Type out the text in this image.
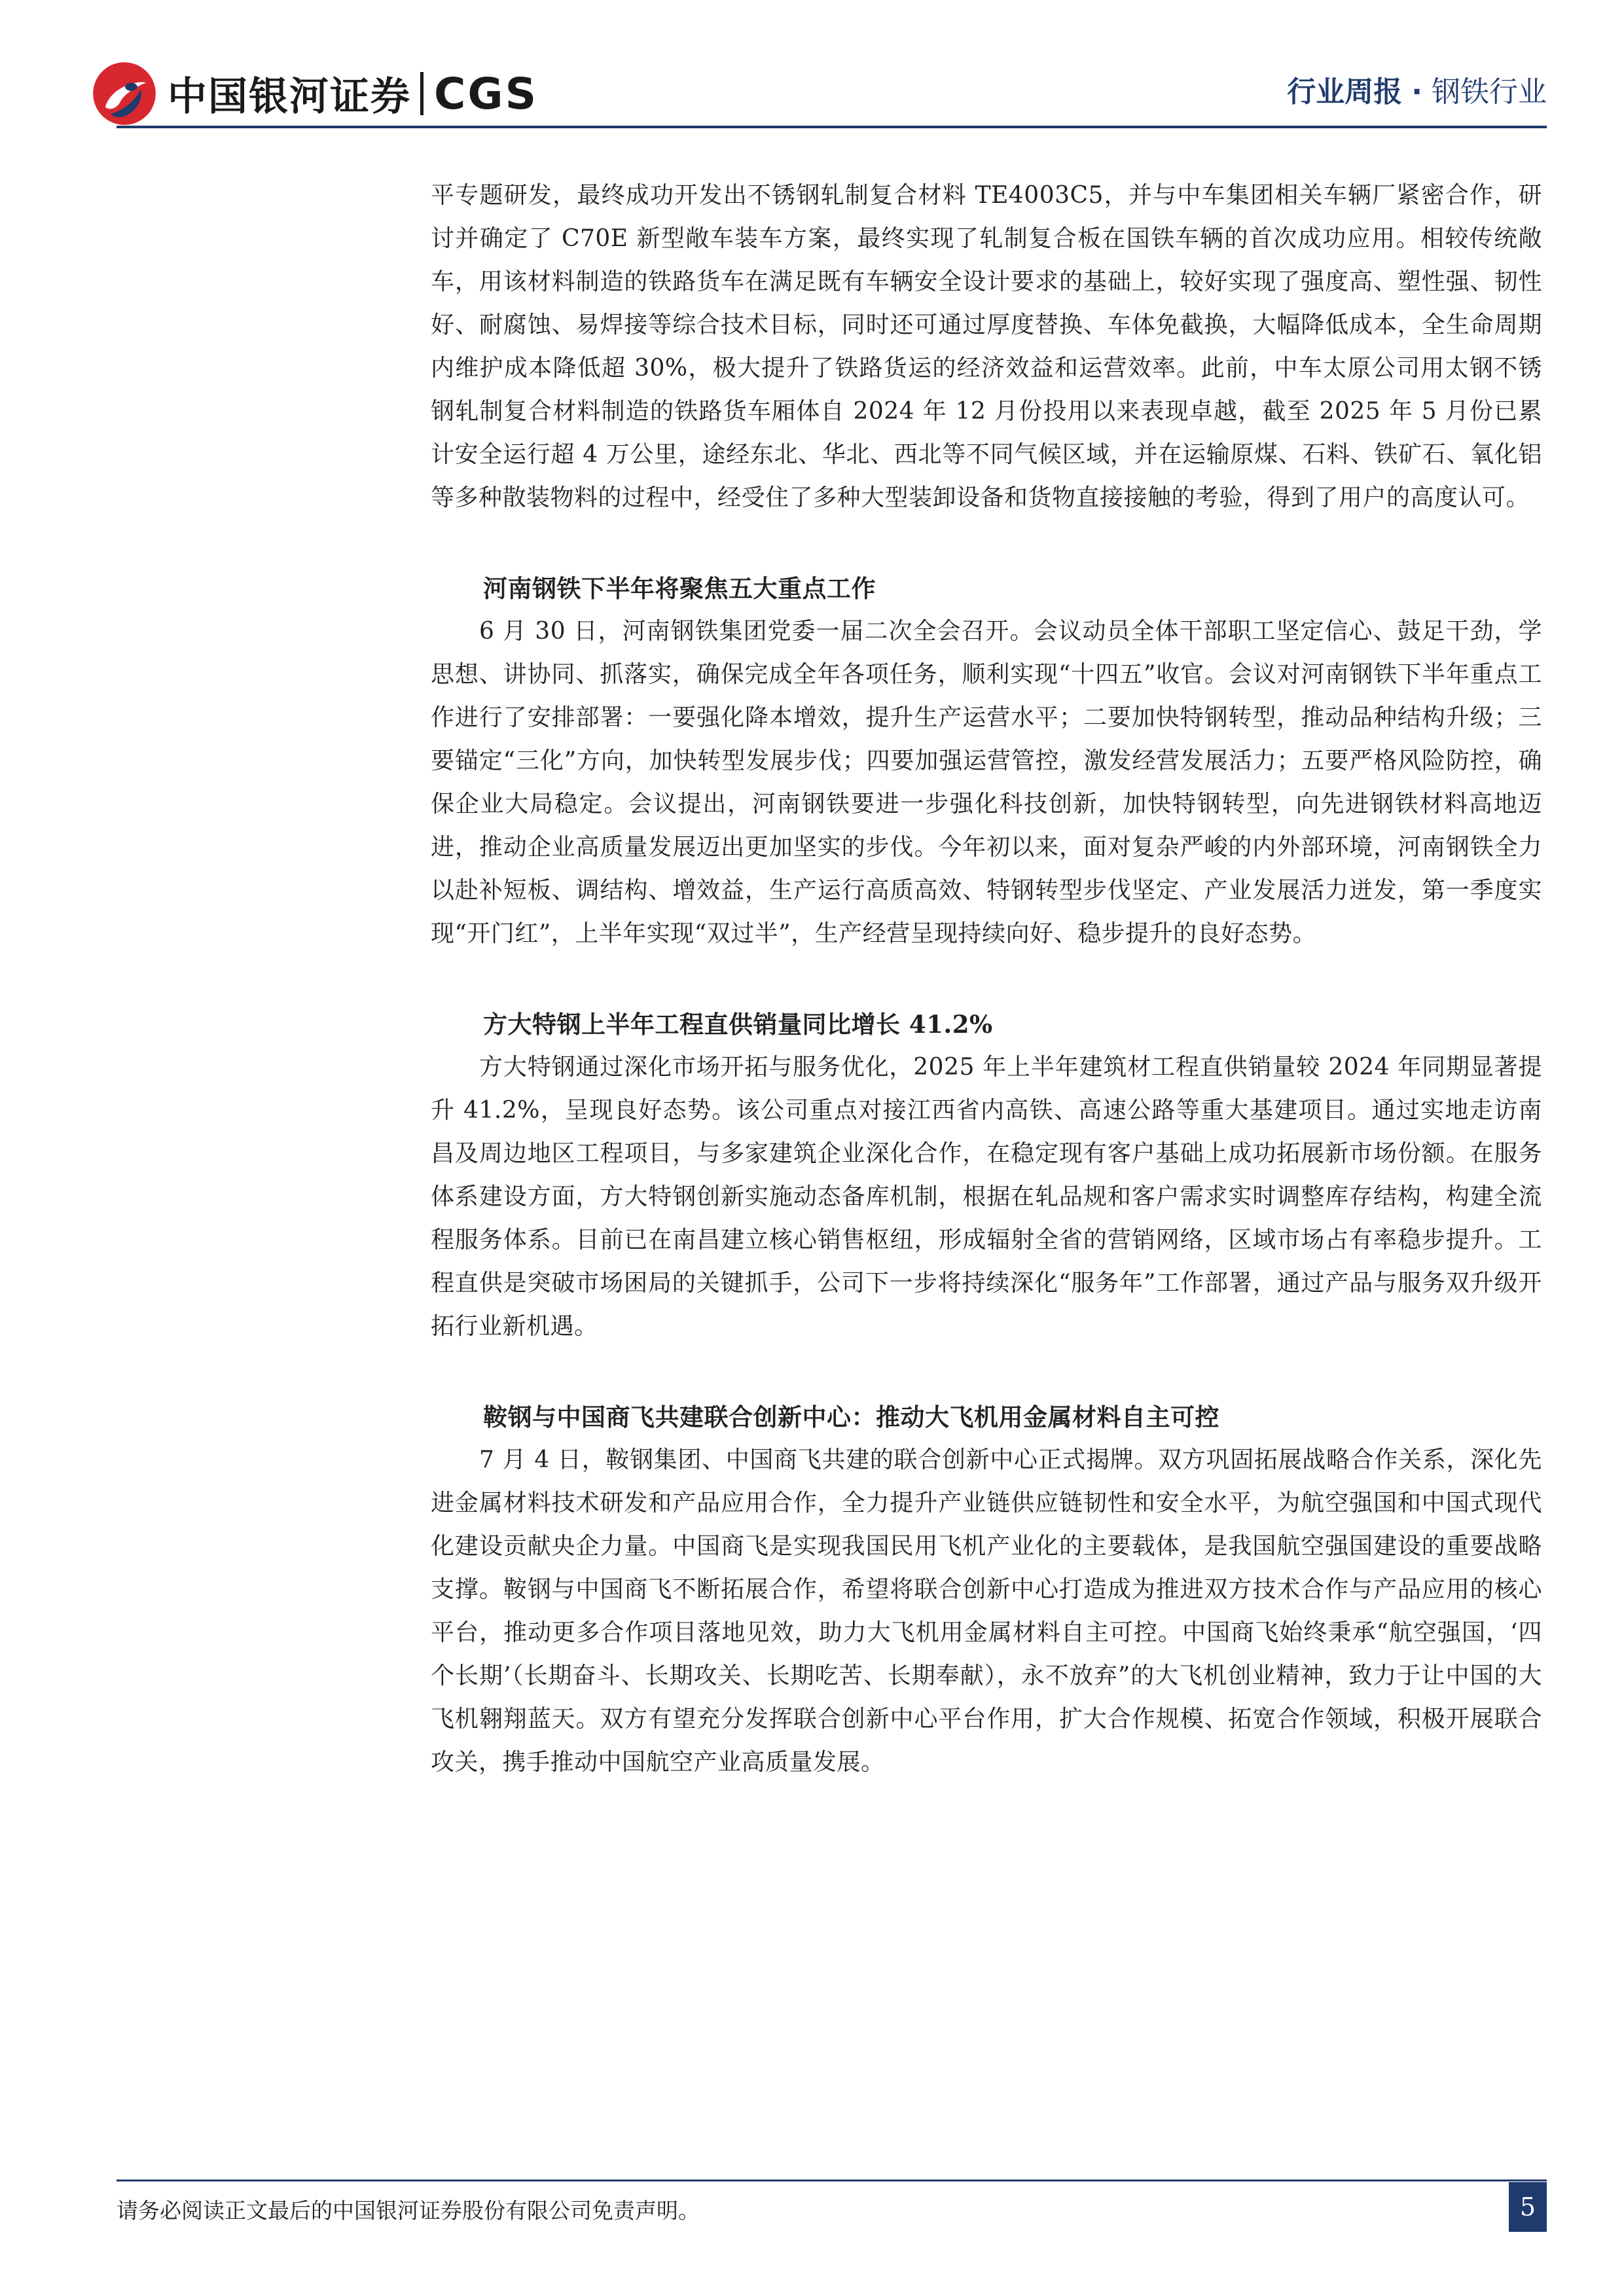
中国银河证券 CGS	行业周报 · 钢铁行业

平专题研发，最终成功开发出不锈钢轧制复合材料 TE4003C5，并与中车集团相关车辆厂紧密合作，研讨并确定了 C70E 新型敞车装车方案，最终实现了轧制复合板在国铁车辆的首次成功应用。相较传统敞车，用该材料制造的铁路货车在满足既有车辆安全设计要求的基础上，较好实现了强度高、塑性强、韧性好、耐腐蚀、易焊接等综合技术目标，同时还可通过厚度替换、车体免截换，大幅降低成本，全生命周期内维护成本降低超 30%，极大提升了铁路货运的经济效益和运营效率。此前，中车太原公司用太钢不锈钢轧制复合材料制造的铁路货车厢体自 2024 年 12 月份投用以来表现卓越，截至 2025 年 5 月份已累计安全运行超 4 万公里，途经东北、华北、西北等不同气候区域，并在运输原煤、石料、铁矿石、氧化铝等多种散装物料的过程中，经受住了多种大型装卸设备和货物直接接触的考验，得到了用户的高度认可。

河南钢铁下半年将聚焦五大重点工作

6 月 30 日，河南钢铁集团党委一届二次全会召开。会议动员全体干部职工坚定信心、鼓足干劲，学思想、讲协同、抓落实，确保完成全年各项任务，顺利实现“十四五”收官。会议对河南钢铁下半年重点工作进行了安排部署：一要强化降本增效，提升生产运营水平；二要加快特钢转型，推动品种结构升级；三要锚定“三化”方向，加快转型发展步伐；四要加强运营管控，激发经营发展活力；五要严格风险防控，确保企业大局稳定。会议提出，河南钢铁要进一步强化科技创新，加快特钢转型，向先进钢铁材料高地迈进，推动企业高质量发展迈出更加坚实的步伐。今年初以来，面对复杂严峻的内外部环境，河南钢铁全力以赴补短板、调结构、增效益，生产运行高质高效、特钢转型步伐坚定、产业发展活力迸发，第一季度实现“开门红”，上半年实现“双过半”，生产经营呈现持续向好、稳步提升的良好态势。

方大特钢上半年工程直供销量同比增长 41.2%

方大特钢通过深化市场开拓与服务优化，2025 年上半年建筑材工程直供销量较 2024 年同期显著提升 41.2%，呈现良好态势。该公司重点对接江西省内高铁、高速公路等重大基建项目。通过实地走访南昌及周边地区工程项目，与多家建筑企业深化合作，在稳定现有客户基础上成功拓展新市场份额。在服务体系建设方面，方大特钢创新实施动态备库机制，根据在轧品规和客户需求实时调整库存结构，构建全流程服务体系。目前已在南昌建立核心销售枢纽，形成辐射全省的营销网络，区域市场占有率稳步提升。工程直供是突破市场困局的关键抓手，公司下一步将持续深化“服务年”工作部署，通过产品与服务双升级开拓行业新机遇。

鞍钢与中国商飞共建联合创新中心：推动大飞机用金属材料自主可控

7 月 4 日，鞍钢集团、中国商飞共建的联合创新中心正式揭牌。双方巩固拓展战略合作关系，深化先进金属材料技术研发和产品应用合作，全力提升产业链供应链韧性和安全水平，为航空强国和中国式现代化建设贡献央企力量。中国商飞是实现我国民用飞机产业化的主要载体，是我国航空强国建设的重要战略支撑。鞍钢与中国商飞不断拓展合作，希望将联合创新中心打造成为推进双方技术合作与产品应用的核心平台，推动更多合作项目落地见效，助力大飞机用金属材料自主可控。中国商飞始终秉承“航空强国，‘四个长期’（长期奋斗、长期攻关、长期吃苦、长期奉献），永不放弃”的大飞机创业精神，致力于让中国的大飞机翱翔蓝天。双方有望充分发挥联合创新中心平台作用，扩大合作规模、拓宽合作领域，积极开展联合攻关，携手推动中国航空产业高质量发展。

请务必阅读正文最后的中国银河证券股份有限公司免责声明。	5
